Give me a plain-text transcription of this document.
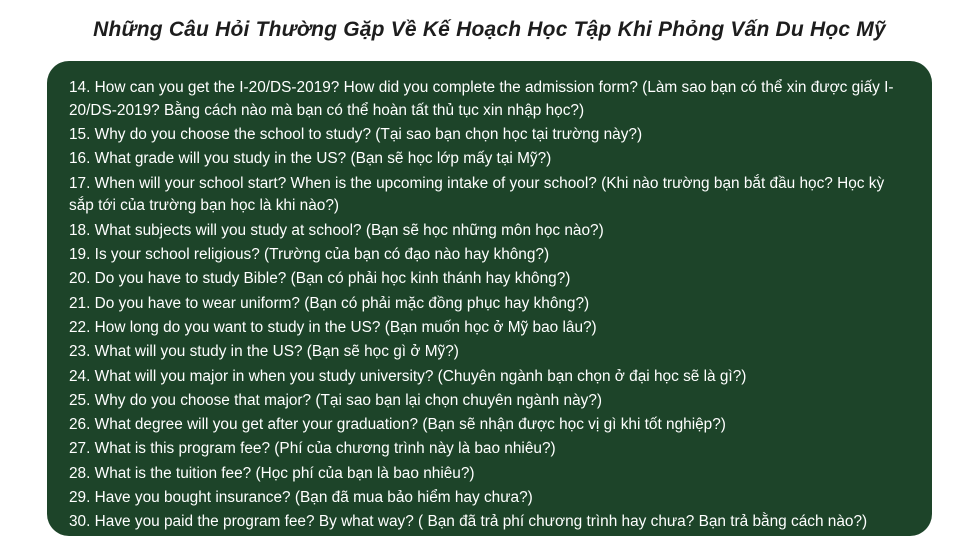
Những Câu Hỏi Thường Gặp Về Kế Hoạch Học Tập Khi Phỏng Vấn Du Học Mỹ
14. How can you get the I-20/DS-2019? How did you complete the admission form? (Làm sao bạn có thể xin được giấy I-20/DS-2019? Bằng cách nào mà bạn có thể hoàn tất thủ tục xin nhập học?)
15. Why do you choose the school to study? (Tại sao bạn chọn học tại trường này?)
16. What grade will you study in the US? (Bạn sẽ học lớp mấy tại Mỹ?)
17. When will your school start? When is the upcoming intake of your school? (Khi nào trường bạn bắt đầu học? Học kỳ sắp tới của trường bạn học là khi nào?)
18. What subjects will you study at school? (Bạn sẽ học những môn học nào?)
19. Is your school religious? (Trường của bạn có đạo nào hay không?)
20. Do you have to study Bible? (Bạn có phải học kinh thánh hay không?)
21. Do you have to wear uniform? (Bạn có phải mặc đồng phục hay không?)
22. How long do you want to study in the US? (Bạn muốn học ở Mỹ bao lâu?)
23. What will you study in the US? (Bạn sẽ học gì ở Mỹ?)
24. What will you major in when you study university? (Chuyên ngành bạn chọn ở đại học sẽ là gì?)
25. Why do you choose that major? (Tại sao bạn lại chọn chuyên ngành này?)
26. What degree will you get after your graduation? (Bạn sẽ nhận được học vị gì khi tốt nghiệp?)
27. What is this program fee? (Phí của chương trình này là bao nhiêu?)
28. What is the tuition fee? (Học phí của bạn là bao nhiêu?)
29. Have you bought insurance? (Bạn đã mua bảo hiểm hay chưa?)
30. Have you paid the program fee? By what way? ( Bạn đã trả phí chương trình hay chưa? Bạn trả bằng cách nào?)
